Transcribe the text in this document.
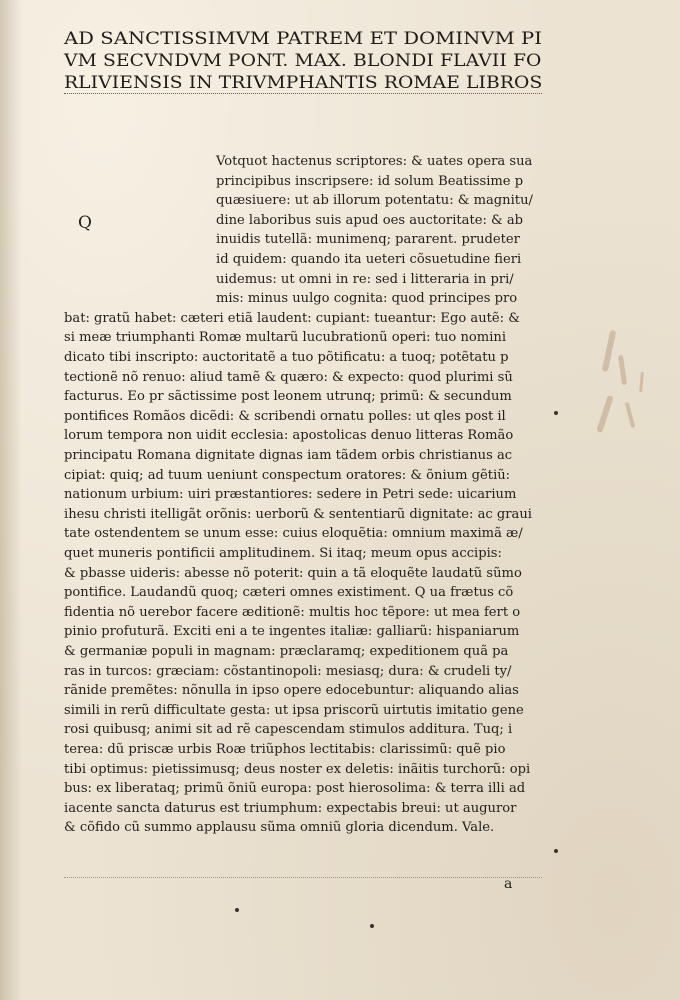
AD SANCTISSIMVM PATREM ET DOMINVM PI
VM SECVNDVM PONT. MAX. BLONDI FLAVII FO
RLIVIENSIS IN TRIVMPHANTIS ROMAE LIBROS
Q
Votquot hactenus scriptores: & uates opera sua
principibus inscripsere: id solum Beatissime p
quæsiuere: ut ab illorum potentatu: & magnitu/
dine laboribus suis apud oes auctoritate: & ab
inuidis tutellã: munimenq; pararent. prudeter
id quidem: quando ita ueteri cõsuetudine fieri
uidemus: ut omni in re: sed i litteraria in pri/
mis: minus uulgo cognita: quod principes pro
bat: gratũ habet: cæteri etiã laudent: cupiant: tueantur: Ego autẽ: &
si meæ triumphanti Romæ multarũ lucubrationũ operi: tuo nomini
dicato tibi inscripto: auctoritatẽ a tuo põtificatu: a tuoq; potẽtatu p
tectionẽ nõ renuo: aliud tamẽ & quæro: & expecto: quod plurimi sũ
facturus. Eo pr sãctissime post leonem utrunq; primũ: & secundum
pontifices Romãos dicẽdi: & scribendi ornatu polles: ut qles post il
lorum tempora non uidit ecclesia: apostolicas denuo litteras Romão
principatu Romana dignitate dignas iam tãdem orbis christianus ac
cipiat: quiq; ad tuum ueniunt conspectum oratores: & õnium gẽtiũ:
nationum urbium: uiri præstantiores: sedere in Petri sede: uicarium
ihesu christi itelligãt orõnis: uerborũ & sententiarũ dignitate: ac graui
tate ostendentem se unum esse: cuius eloquẽtia: omnium maximã æ/
quet muneris pontificii amplitudinem. Si itaq; meum opus accipis:
& pbasse uideris: abesse nõ poterit: quin a tã eloquẽte laudatũ sũmo
pontifice. Laudandũ quoq; cæteri omnes existiment. Q ua frætus cõ
fidentia nõ uerebor facere æditionẽ: multis hoc tẽpore: ut mea fert o
pinio profuturã. Exciti eni a te ingentes italiæ: galliarũ: hispaniarum
& germaniæ populi in magnam: præclaramq; expeditionem quã pa
ras in turcos: græciam: cõstantinopoli: mesiasq; dura: & crudeli ty/
rãnide premẽtes: nõnulla in ipso opere edocebuntur: aliquando alias
simili in rerũ difficultate gesta: ut ipsa priscorũ uirtutis imitatio gene
rosi quibusq; animi sit ad rẽ capescendam stimulos additura. Tuq; i
terea: dũ priscæ urbis Roæ triũphos lectitabis: clarissimũ: quẽ pio
tibi optimus: pietissimusq; deus noster ex deletis: inãitis turchorũ: opi
bus: ex liberataq; primũ õniũ europa: post hierosolima: & terra illi ad
iacente sancta daturus est triumphum: expectabis breui: ut auguror
& cõfido cũ summo applausu sũma omniũ gloria dicendum. Vale.
a
